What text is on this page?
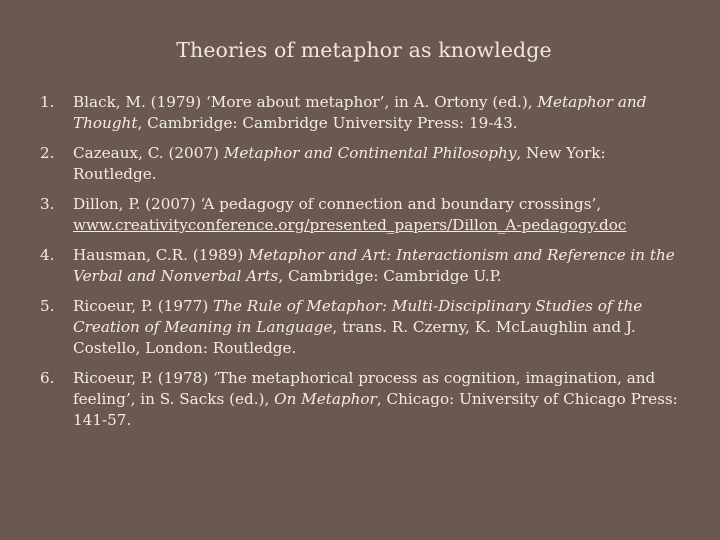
Theories of metaphor as knowledge
1. Black, M. (1979) ‘More about metaphor’, in A. Ortony (ed.), Metaphor and Thought, Cambridge: Cambridge University Press: 19-43.
2. Cazeaux, C. (2007) Metaphor and Continental Philosophy, New York: Routledge.
3. Dillon, P. (2007) ‘A pedagogy of connection and boundary crossings’, www.creativityconference.org/presented_papers/Dillon_A-pedagogy.doc
4. Hausman, C.R. (1989) Metaphor and Art: Interactionism and Reference in the Verbal and Nonverbal Arts, Cambridge: Cambridge U.P.
5. Ricoeur, P. (1977) The Rule of Metaphor: Multi-Disciplinary Studies of the Creation of Meaning in Language, trans. R. Czerny, K. McLaughlin and J. Costello, London: Routledge.
6. Ricoeur, P. (1978) ‘The metaphorical process as cognition, imagination, and feeling’, in S. Sacks (ed.), On Metaphor, Chicago: University of Chicago Press: 141-57.
